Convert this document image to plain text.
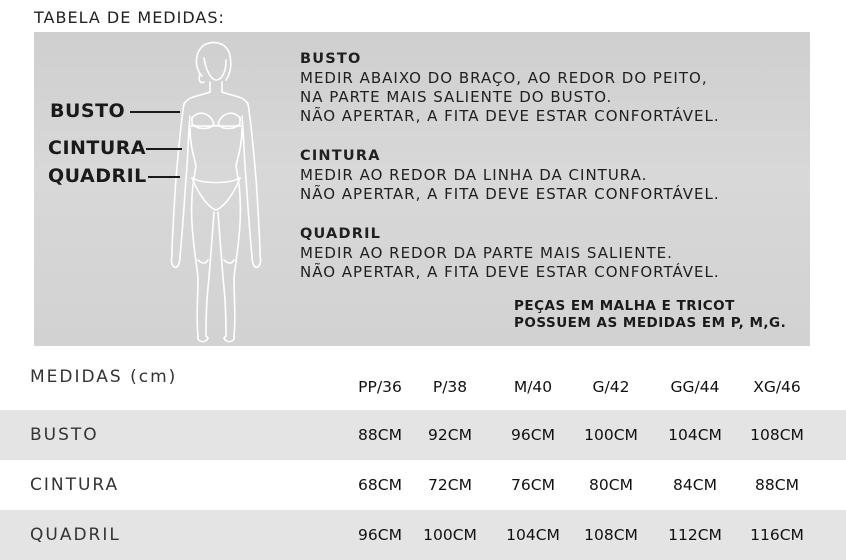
TABELA DE MEDIDAS:
BUSTO
CINTURA
QUADRIL
BUSTO
MEDIR ABAIXO DO BRAÇO, AO REDOR DO PEITO,
NA PARTE MAIS SALIENTE DO BUSTO.
NÃO APERTAR, A FITA DEVE ESTAR CONFORTÁVEL.
CINTURA
MEDIR AO REDOR DA LINHA DA CINTURA.
NÃO APERTAR, A FITA DEVE ESTAR CONFORTÁVEL.
QUADRIL
MEDIR AO REDOR DA PARTE MAIS SALIENTE.
NÃO APERTAR, A FITA DEVE ESTAR CONFORTÁVEL.
PEÇAS EM MALHA E TRICOT
POSSUEM AS MEDIDAS EM P, M,G.
MEDIDAS (cm)	PP/36	P/38	M/40	G/42	GG/44	XG/46
BUSTO	88CM	92CM	96CM	100CM	104CM	108CM
CINTURA	68CM	72CM	76CM	80CM	84CM	88CM
QUADRIL	96CM	100CM	104CM	108CM	112CM	116CM
